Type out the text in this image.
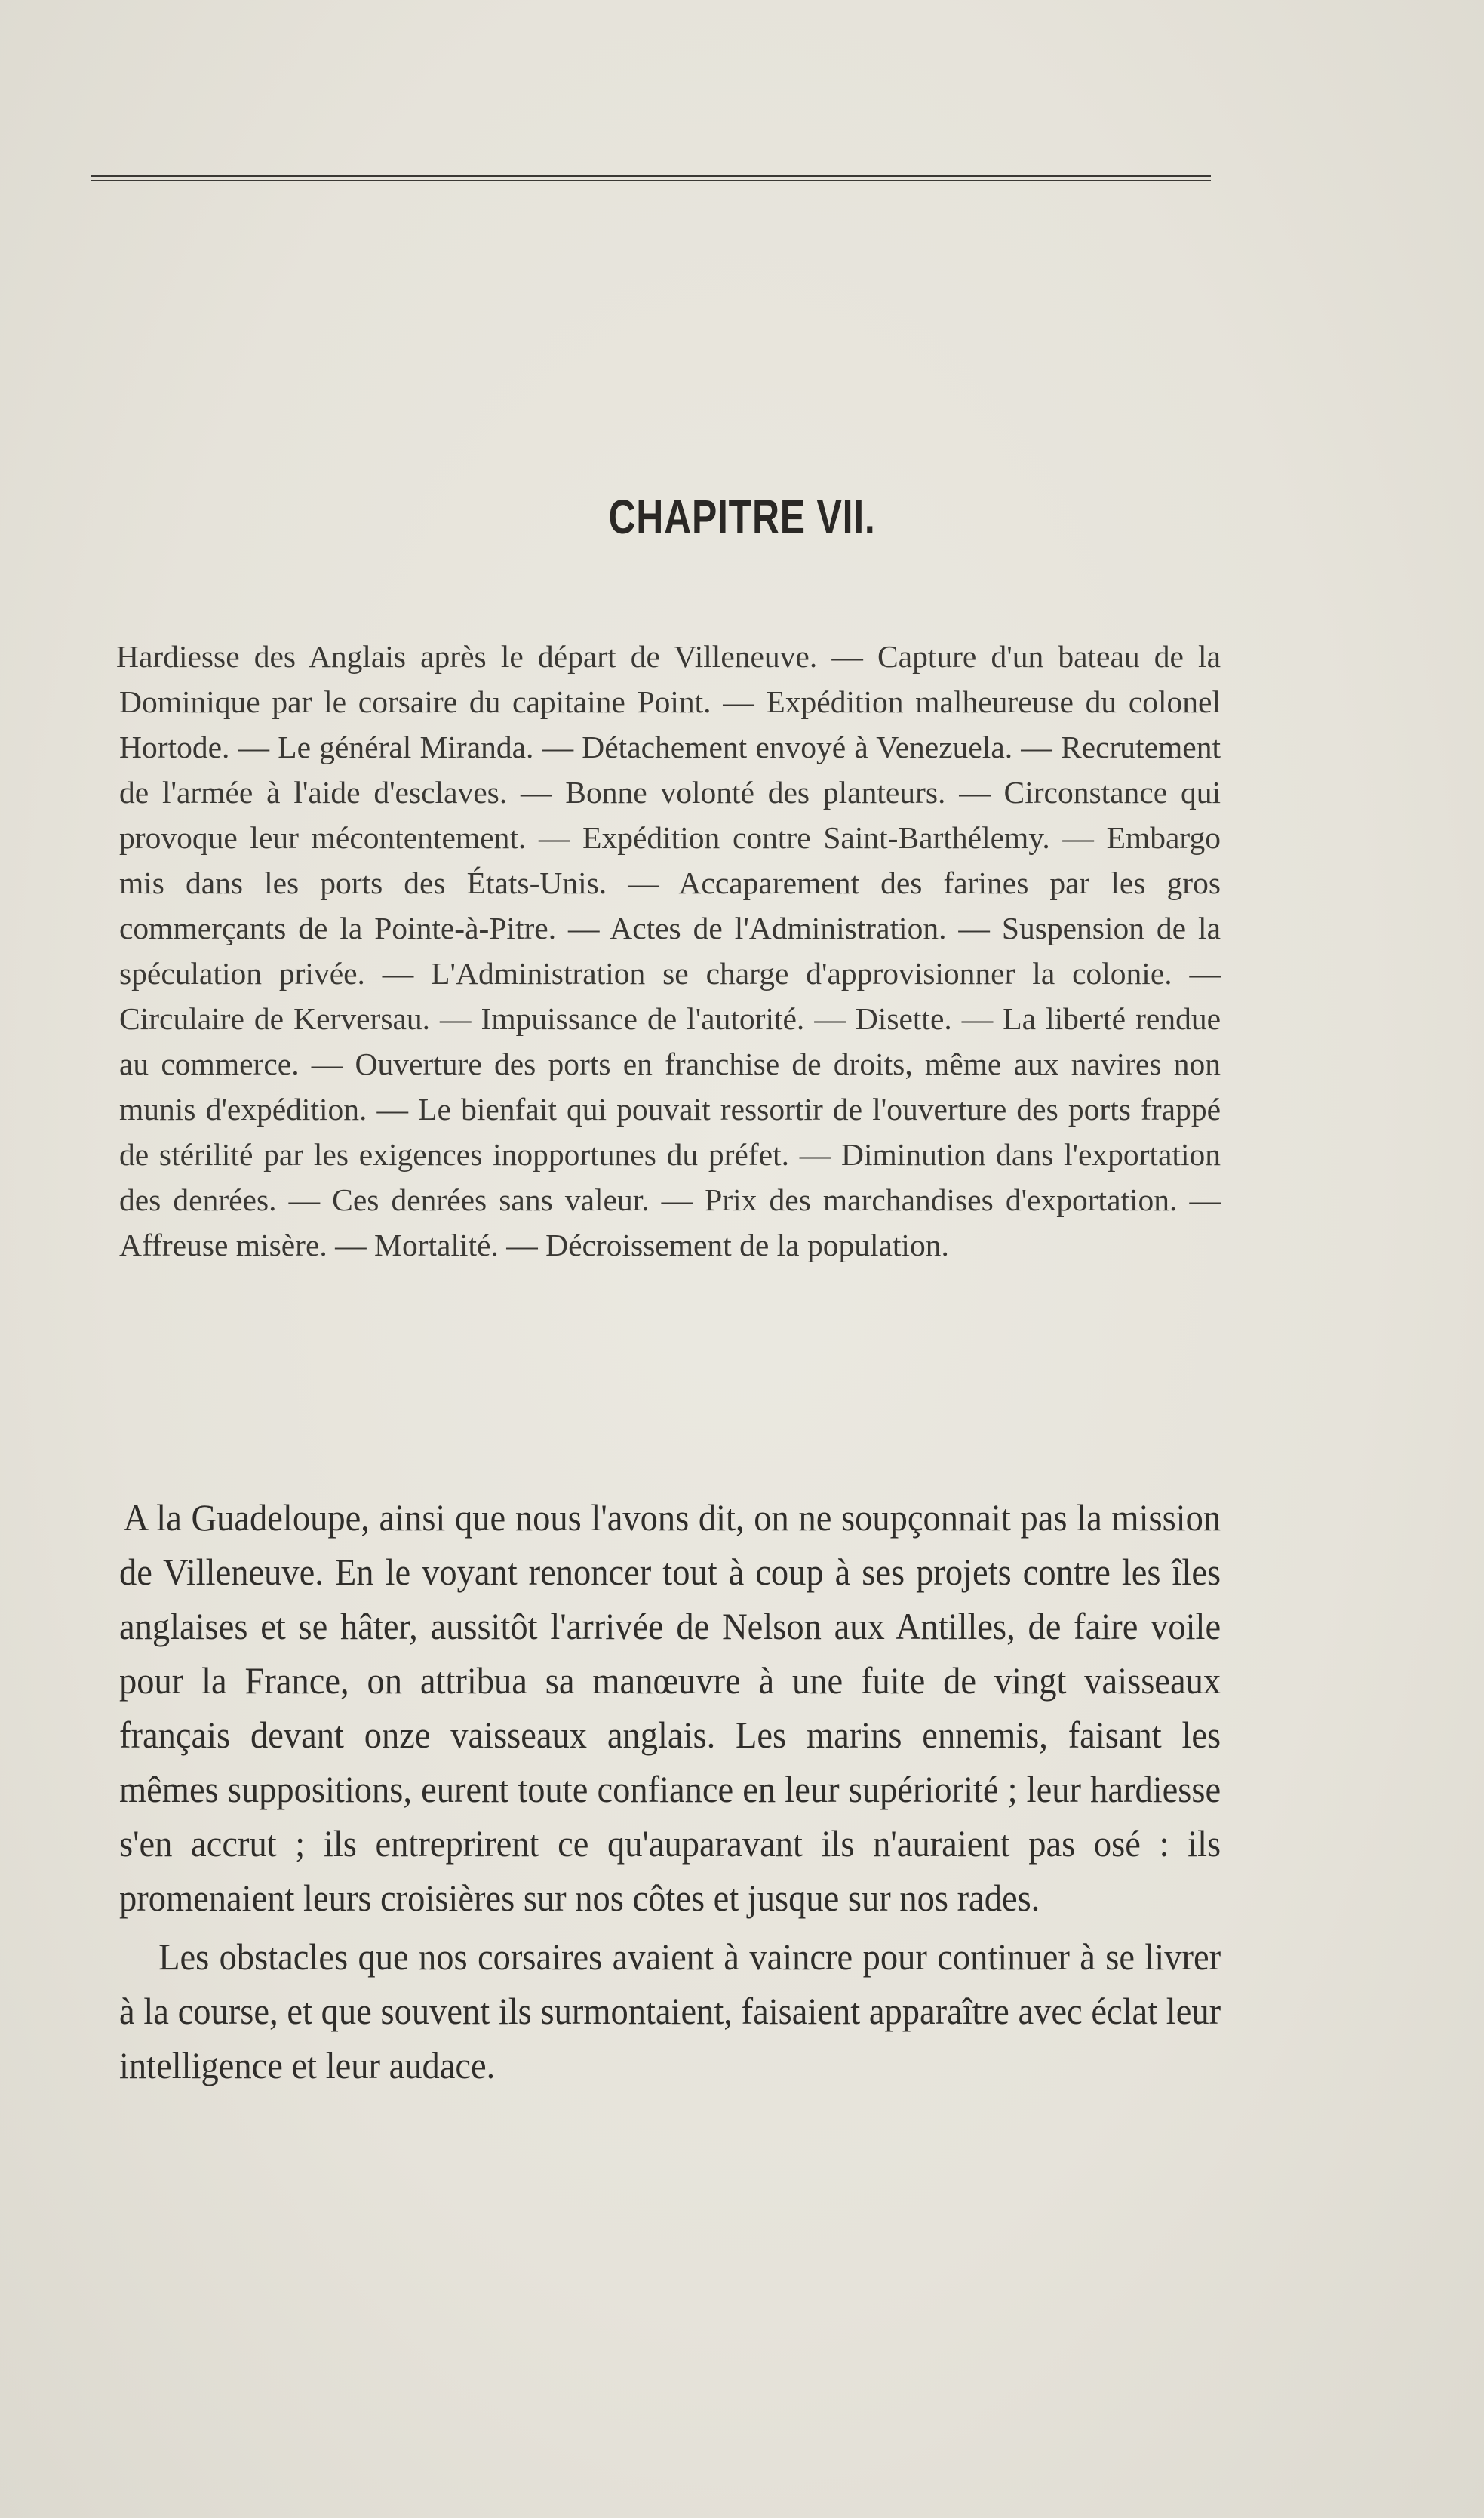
CHAPITRE VII.

Hardiesse des Anglais après le départ de Villeneuve. — Capture d'un bateau de la Dominique par le corsaire du capitaine Point. — Expédition malheureuse du colonel Hortode. — Le général Miranda. — Détachement envoyé à Venezuela. — Recrutement de l'armée à l'aide d'esclaves. — Bonne volonté des planteurs. — Circonstance qui provoque leur mécontentement. — Expédition contre Saint-Barthélemy. — Embargo mis dans les ports des États-Unis. — Accaparement des farines par les gros commerçants de la Pointe-à-Pitre. — Actes de l'Administration. — Suspension de la spéculation privée. — L'Administration se charge d'approvisionner la colonie. — Circulaire de Kerversau. — Impuissance de l'autorité. — Disette. — La liberté rendue au commerce. — Ouverture des ports en franchise de droits, même aux navires non munis d'expédition. — Le bienfait qui pouvait ressortir de l'ouverture des ports frappé de stérilité par les exigences inopportunes du préfet. — Diminution dans l'exportation des denrées. — Ces denrées sans valeur. — Prix des marchandises d'exportation. — Affreuse misère. — Mortalité. — Décroissement de la population.

A la Guadeloupe, ainsi que nous l'avons dit, on ne soupçonnait pas la mission de Villeneuve. En le voyant renoncer tout à coup à ses projets contre les îles anglaises et se hâter, aussitôt l'arrivée de Nelson aux Antilles, de faire voile pour la France, on attribua sa manœuvre à une fuite de vingt vaisseaux français devant onze vaisseaux anglais. Les marins ennemis, faisant les mêmes suppositions, eurent toute confiance en leur supériorité ; leur hardiesse s'en accrut ; ils entreprirent ce qu'auparavant ils n'auraient pas osé : ils promenaient leurs croisières sur nos côtes et jusque sur nos rades.

Les obstacles que nos corsaires avaient à vaincre pour continuer à se livrer à la course, et que souvent ils surmontaient, faisaient apparaître avec éclat leur intelligence et leur audace.
